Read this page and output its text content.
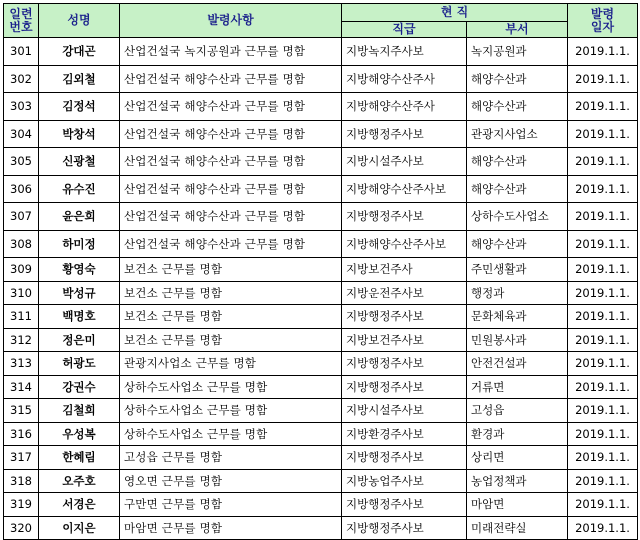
일련
번호	성명	발령사항	현 직		발령
일자

			직급	부서	
301	강대곤	산업건설국 녹지공원과 근무를 명함	지방녹지주사보	녹지공원과	2019.1.1.
302	김외철	산업건설국 해양수산과 근무를 명함	지방해양수산주사	해양수산과	2019.1.1.
303	김정석	산업건설국 해양수산과 근무를 명함	지방해양수산주사	해양수산과	2019.1.1.
304	박창석	산업건설국 해양수산과 근무를 명함	지방행정주사보	관광지사업소	2019.1.1.
305	신광철	산업건설국 해양수산과 근무를 명함	지방시설주사보	해양수산과	2019.1.1.
306	유수진	산업건설국 해양수산과 근무를 명함	지방해양수산주사보	해양수산과	2019.1.1.
307	윤은희	산업건설국 해양수산과 근무를 명함	지방행정주사보	상하수도사업소	2019.1.1.
308	하미정	산업건설국 해양수산과 근무를 명함	지방해양수산주사보	해양수산과	2019.1.1.
309	황영숙	보건소 근무를 명함	지방보건주사	주민생활과	2019.1.1.
310	박성규	보건소 근무를 명함	지방운전주사보	행정과	2019.1.1.
311	백명호	보건소 근무를 명함	지방행정주사보	문화체육과	2019.1.1.
312	정은미	보건소 근무를 명함	지방보건주사보	민원봉사과	2019.1.1.
313	허광도	관광지사업소 근무를 명함	지방행정주사보	안전건설과	2019.1.1.
314	강권수	상하수도사업소 근무를 명함	지방행정주사보	거류면	2019.1.1.
315	김철희	상하수도사업소 근무를 명함	지방시설주사보	고성읍	2019.1.1.
316	우성복	상하수도사업소 근무를 명함	지방환경주사보	환경과	2019.1.1.
317	한혜림	고성읍 근무를 명함	지방행정주사보	상리면	2019.1.1.
318	오주호	영오면 근무를 명함	지방농업주사보	농업정책과	2019.1.1.
319	서경은	구만면 근무를 명함	지방행정주사보	마암면	2019.1.1.
320	이지은	마암면 근무를 명함	지방행정주사보	미래전략실	2019.1.1.
